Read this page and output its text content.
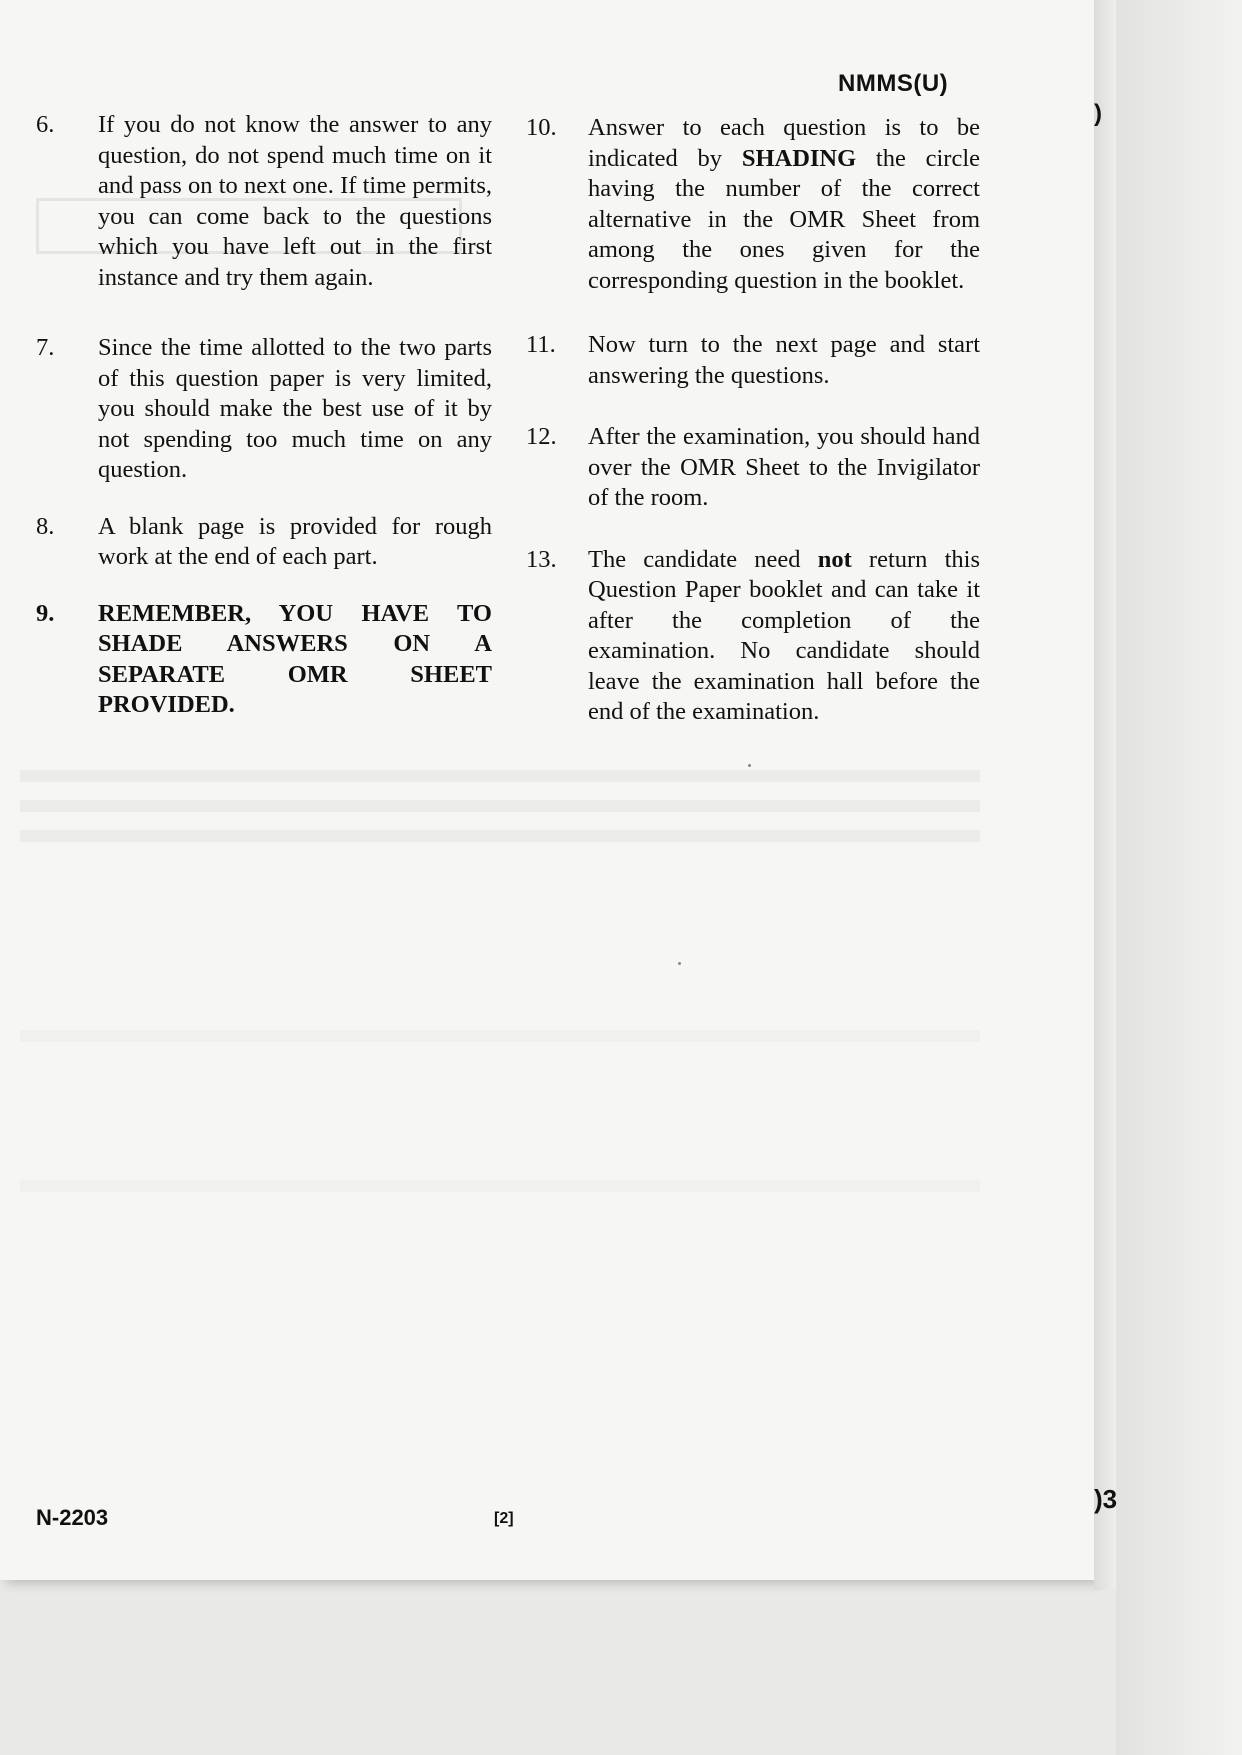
NMMS(U)
6.	If you do not know the answer to any question, do not spend much time on it and pass on to next one. If time permits, you can come back to the questions which you have left out in the first instance and try them again.
7.	Since the time allotted to the two parts of this question paper is very limited, you should make the best use of it by not spending too much time on any question.
8.	A blank page is provided for rough work at the end of each part.
9.	REMEMBER, YOU HAVE TO SHADE ANSWERS ON A SEPARATE OMR SHEET
PROVIDED.
10.	Answer to each question is to be indicated by SHADING the circle having the number of the correct alternative in the OMR Sheet from among the ones given for the corresponding question in the booklet.
11.	Now turn to the next page and start answering the questions.
12.	After the examination, you should hand over the OMR Sheet to the Invigilator of the room.
13.	The candidate need not return this Question Paper booklet and can take it after the completion of the examination. No candidate should leave the examination hall before the end of the examination.
N-2203	[2]
)
)3
